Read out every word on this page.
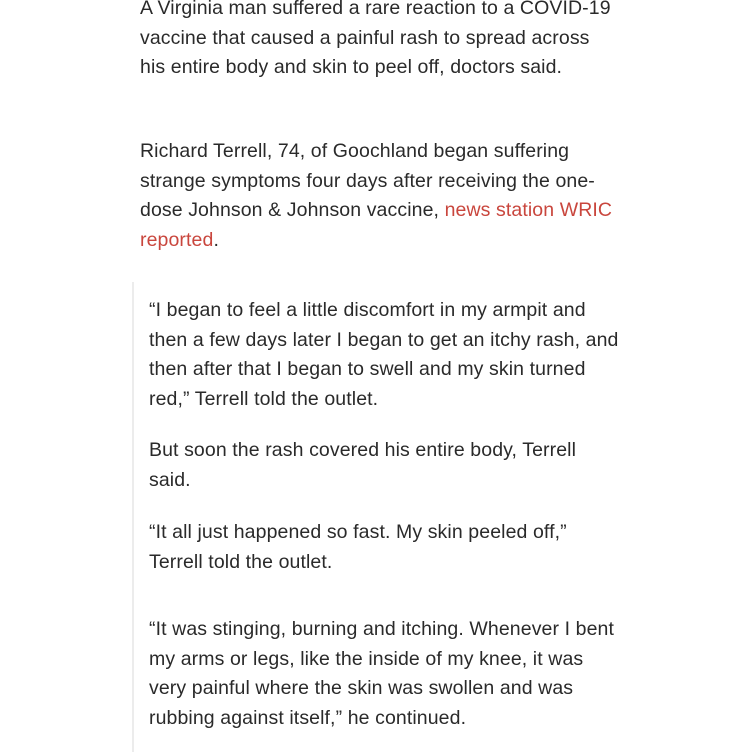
A Virginia man suffered a rare reaction to a COVID-19 vaccine that caused a painful rash to spread across his entire body and skin to peel off, doctors said.

Richard Terrell, 74, of Goochland began suffering strange symptoms four days after receiving the one-dose Johnson & Johnson vaccine, news station WRIC reported.

“I began to feel a little discomfort in my armpit and then a few days later I began to get an itchy rash, and then after that I began to swell and my skin turned red,” Terrell told the outlet.

But soon the rash covered his entire body, Terrell said.

“It all just happened so fast. My skin peeled off,” Terrell told the outlet.

“It was stinging, burning and itching. Whenever I bent my arms or legs, like the inside of my knee, it was very painful where the skin was swollen and was rubbing against itself,” he continued.
